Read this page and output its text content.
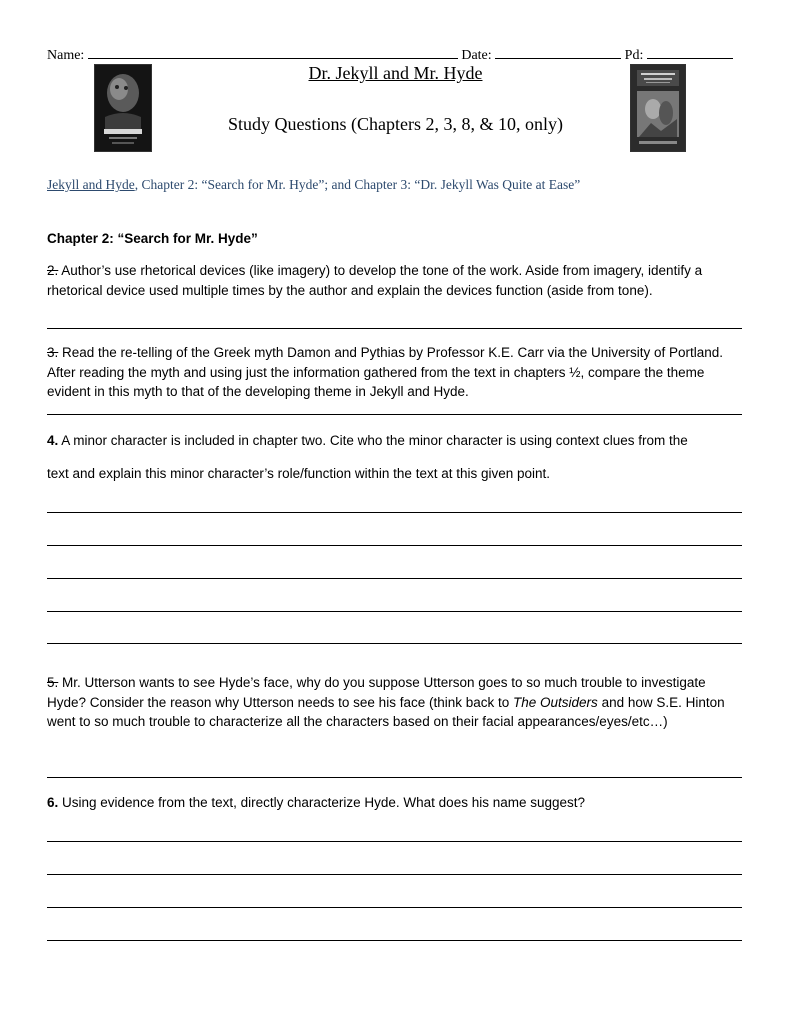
Name:	Date:	Pd:
Dr. Jekyll and Mr. Hyde
Study Questions (Chapters 2, 3, 8, & 10, only)
Jekyll and Hyde, Chapter 2: “Search for Mr. Hyde”; and Chapter 3: “Dr. Jekyll Was Quite at Ease”
Chapter 2: “Search for Mr. Hyde”
2. Author’s use rhetorical devices (like imagery) to develop the tone of the work. Aside from imagery, identify a rhetorical device used multiple times by the author and explain the devices function (aside from tone).
3. Read the re-telling of the Greek myth Damon and Pythias by Professor K.E. Carr via the University of Portland. After reading the myth and using just the information gathered from the text in chapters ½, compare the theme evident in this myth to that of the developing theme in Jekyll and Hyde.
4. A minor character is included in chapter two. Cite who the minor character is using context clues from the
text and explain this minor character’s role/function within the text at this given point.
5. Mr. Utterson wants to see Hyde’s face, why do you suppose Utterson goes to so much trouble to investigate Hyde? Consider the reason why Utterson needs to see his face (think back to The Outsiders and how S.E. Hinton went to so much trouble to characterize all the characters based on their facial appearances/eyes/etc…)
6. Using evidence from the text, directly characterize Hyde. What does his name suggest?
